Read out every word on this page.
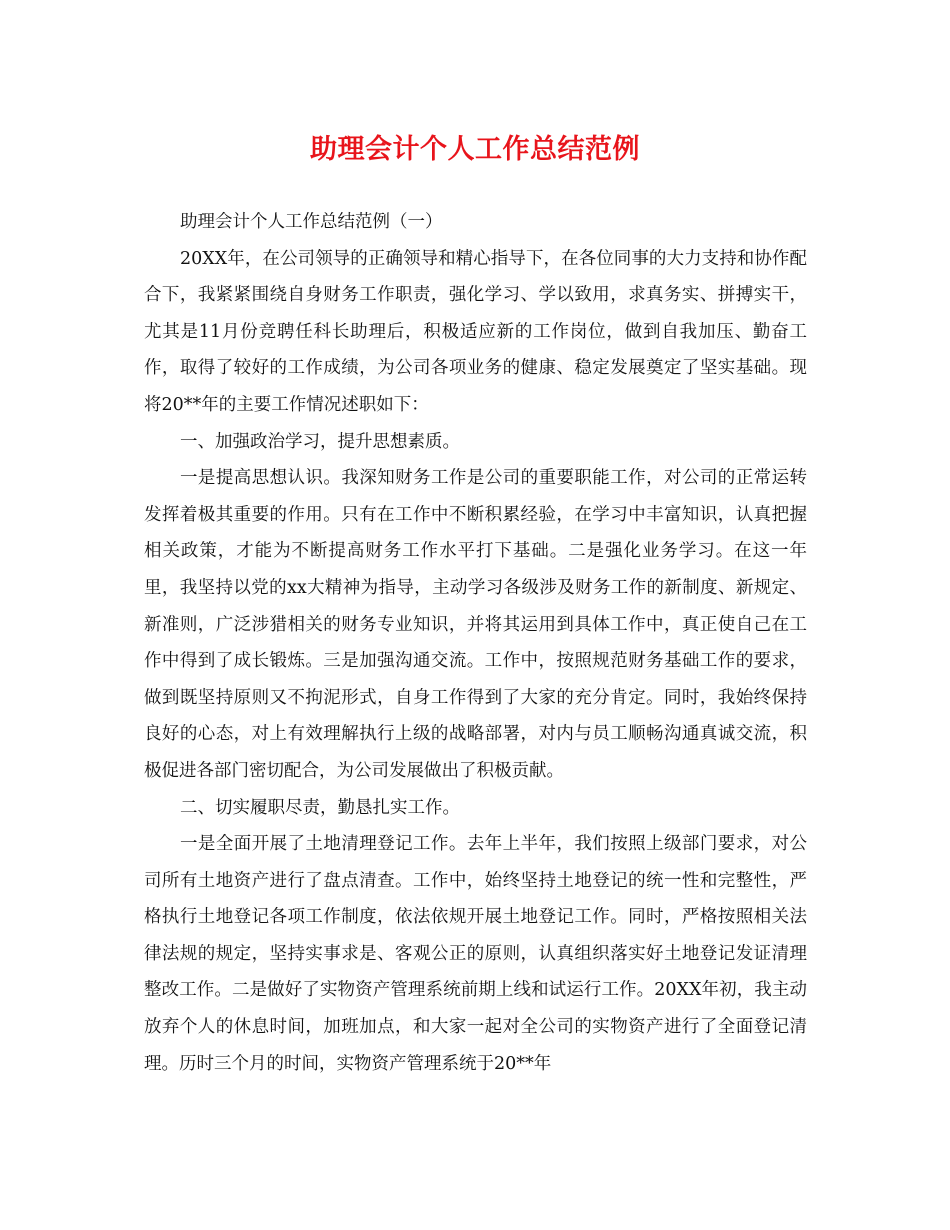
助理会计个人工作总结范例

助理会计个人工作总结范例（一）

20XX年，在公司领导的正确领导和精心指导下，在各位同事的大力支持和协作配合下，我紧紧围绕自身财务工作职责，强化学习、学以致用，求真务实、拼搏实干，尤其是11月份竞聘任科长助理后，积极适应新的工作岗位，做到自我加压、勤奋工作，取得了较好的工作成绩，为公司各项业务的健康、稳定发展奠定了坚实基础。现将20**年的主要工作情况述职如下：

一、加强政治学习，提升思想素质。

一是提高思想认识。我深知财务工作是公司的重要职能工作，对公司的正常运转发挥着极其重要的作用。只有在工作中不断积累经验，在学习中丰富知识，认真把握相关政策，才能为不断提高财务工作水平打下基础。二是强化业务学习。在这一年里，我坚持以党的xx大精神为指导，主动学习各级涉及财务工作的新制度、新规定、新准则，广泛涉猎相关的财务专业知识，并将其运用到具体工作中，真正使自己在工作中得到了成长锻炼。三是加强沟通交流。工作中，按照规范财务基础工作的要求，做到既坚持原则又不拘泥形式，自身工作得到了大家的充分肯定。同时，我始终保持良好的心态，对上有效理解执行上级的战略部署，对内与员工顺畅沟通真诚交流，积极促进各部门密切配合，为公司发展做出了积极贡献。

二、切实履职尽责，勤恳扎实工作。

一是全面开展了土地清理登记工作。去年上半年，我们按照上级部门要求，对公司所有土地资产进行了盘点清查。工作中，始终坚持土地登记的统一性和完整性，严格执行土地登记各项工作制度，依法依规开展土地登记工作。同时，严格按照相关法律法规的规定，坚持实事求是、客观公正的原则，认真组织落实好土地登记发证清理整改工作。二是做好了实物资产管理系统前期上线和试运行工作。20XX年初，我主动放弃个人的休息时间，加班加点，和大家一起对全公司的实物资产进行了全面登记清理。历时三个月的时间，实物资产管理系统于20**年
